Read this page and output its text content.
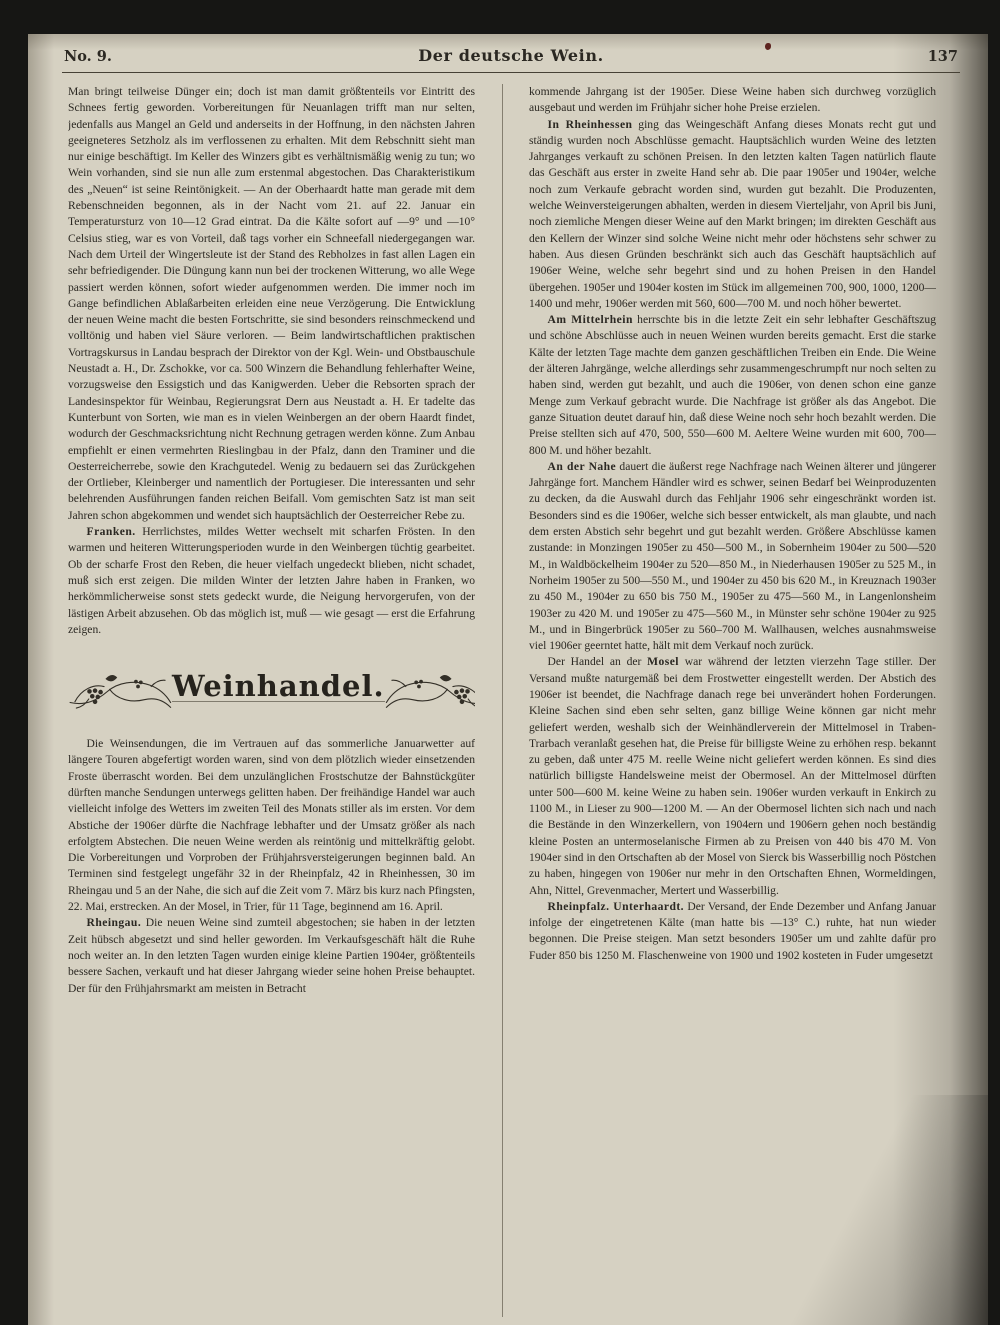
No. 9.	Der deutsche Wein.	137

Man bringt teilweise Dünger ein; doch ist man damit größtenteils vor Eintritt des Schnees fertig geworden. Vorbereitungen für Neuanlagen trifft man nur selten, jedenfalls aus Mangel an Geld und anderseits in der Hoffnung, in den nächsten Jahren geeigneteres Setzholz als im verflossenen zu erhalten. Mit dem Rebschnitt sieht man nur einige beschäftigt. Im Keller des Winzers gibt es verhältnismäßig wenig zu tun; wo Wein vorhanden, sind sie nun alle zum erstenmal abgestochen. Das Charakteristikum des „Neuen“ ist seine Reintönigkeit. — An der Oberhaardt hatte man gerade mit dem Rebenschneiden begonnen, als in der Nacht vom 21. auf 22. Januar ein Temperatursturz von 10—12 Grad eintrat. Da die Kälte sofort auf —9° und —10° Celsius stieg, war es von Vorteil, daß tags vorher ein Schneefall niedergegangen war. Nach dem Urteil der Wingertsleute ist der Stand des Rebholzes in fast allen Lagen ein sehr befriedigender. Die Düngung kann nun bei der trockenen Witterung, wo alle Wege passiert werden können, sofort wieder aufgenommen werden. Die immer noch im Gange befindlichen Ablaßarbeiten erleiden eine neue Verzögerung. Die Entwicklung der neuen Weine macht die besten Fortschritte, sie sind besonders reinschmeckend und volltönig und haben viel Säure verloren. — Beim landwirtschaftlichen praktischen Vortragskursus in Landau besprach der Direktor von der Kgl. Wein- und Obstbauschule Neustadt a. H., Dr. Zschokke, vor ca. 500 Winzern die Behandlung fehlerhafter Weine, vorzugsweise den Essigstich und das Kanigwerden. Ueber die Rebsorten sprach der Landesinspektor für Weinbau, Regierungsrat Dern aus Neustadt a. H. Er tadelte das Kunterbunt von Sorten, wie man es in vielen Weinbergen an der obern Haardt findet, wodurch der Geschmacksrichtung nicht Rechnung getragen werden könne. Zum Anbau empfiehlt er einen vermehrten Rieslingbau in der Pfalz, dann den Traminer und die Oesterreicherrebe, sowie den Krachgutedel. Wenig zu bedauern sei das Zurückgehen der Ortlieber, Kleinberger und namentlich der Portugieser. Die interessanten und sehr belehrenden Ausführungen fanden reichen Beifall. Vom gemischten Satz ist man seit Jahren schon abgekommen und wendet sich hauptsächlich der Oesterreicher Rebe zu.

Franken. Herrlichstes, mildes Wetter wechselt mit scharfen Frösten. In den warmen und heiteren Witterungsperioden wurde in den Weinbergen tüchtig gearbeitet. Ob der scharfe Frost den Reben, die heuer vielfach ungedeckt blieben, nicht schadet, muß sich erst zeigen. Die milden Winter der letzten Jahre haben in Franken, wo herkömmlicherweise sonst stets gedeckt wurde, die Neigung hervorgerufen, von der lästigen Arbeit abzusehen. Ob das möglich ist, muß — wie gesagt — erst die Erfahrung zeigen.

Weinhandel.

Die Weinsendungen, die im Vertrauen auf das sommerliche Januarwetter auf längere Touren abgefertigt worden waren, sind von dem plötzlich wieder einsetzenden Froste überrascht worden. Bei dem unzulänglichen Frostschutze der Bahnstückgüter dürften manche Sendungen unterwegs gelitten haben. Der freihändige Handel war auch vielleicht infolge des Wetters im zweiten Teil des Monats stiller als im ersten. Vor dem Abstiche der 1906er dürfte die Nachfrage lebhafter und der Umsatz größer als nach erfolgtem Abstechen. Die neuen Weine werden als reintönig und mittelkräftig gelobt. Die Vorbereitungen und Vorproben der Frühjahrsversteigerungen beginnen bald. An Terminen sind festgelegt ungefähr 32 in der Rheinpfalz, 42 in Rheinhessen, 30 im Rheingau und 5 an der Nahe, die sich auf die Zeit vom 7. März bis kurz nach Pfingsten, 22. Mai, erstrecken. An der Mosel, in Trier, für 11 Tage, beginnend am 16. April.

Rheingau. Die neuen Weine sind zumteil abgestochen; sie haben in der letzten Zeit hübsch abgesetzt und sind heller geworden. Im Verkaufsgeschäft hält die Ruhe noch weiter an. In den letzten Tagen wurden einige kleine Partien 1904er, größtenteils bessere Sachen, verkauft und hat dieser Jahrgang wieder seine hohen Preise behauptet. Der für den Frühjahrsmarkt am meisten in Betracht

kommende Jahrgang ist der 1905er. Diese Weine haben sich durchweg vorzüglich ausgebaut und werden im Frühjahr sicher hohe Preise erzielen.

In Rheinhessen ging das Weingeschäft Anfang dieses Monats recht gut und ständig wurden noch Abschlüsse gemacht. Hauptsächlich wurden Weine des letzten Jahrganges verkauft zu schönen Preisen. In den letzten kalten Tagen natürlich flaute das Geschäft aus erster in zweite Hand sehr ab. Die paar 1905er und 1904er, welche noch zum Verkaufe gebracht worden sind, wurden gut bezahlt. Die Produzenten, welche Weinversteigerungen abhalten, werden in diesem Vierteljahr, von April bis Juni, noch ziemliche Mengen dieser Weine auf den Markt bringen; im direkten Geschäft aus den Kellern der Winzer sind solche Weine nicht mehr oder höchstens sehr schwer zu haben. Aus diesen Gründen beschränkt sich auch das Geschäft hauptsächlich auf 1906er Weine, welche sehr begehrt sind und zu hohen Preisen in den Handel übergehen. 1905er und 1904er kosten im Stück im allgemeinen 700, 900, 1000, 1200—1400 und mehr, 1906er werden mit 560, 600—700 M. und noch höher bewertet.

Am Mittelrhein herrschte bis in die letzte Zeit ein sehr lebhafter Geschäftszug und schöne Abschlüsse auch in neuen Weinen wurden bereits gemacht. Erst die starke Kälte der letzten Tage machte dem ganzen geschäftlichen Treiben ein Ende. Die Weine der älteren Jahrgänge, welche allerdings sehr zusammengeschrumpft nur noch selten zu haben sind, werden gut bezahlt, und auch die 1906er, von denen schon eine ganze Menge zum Verkauf gebracht wurde. Die Nachfrage ist größer als das Angebot. Die ganze Situation deutet darauf hin, daß diese Weine noch sehr hoch bezahlt werden. Die Preise stellten sich auf 470, 500, 550—600 M. Aeltere Weine wurden mit 600, 700—800 M. und höher bezahlt.

An der Nahe dauert die äußerst rege Nachfrage nach Weinen älterer und jüngerer Jahrgänge fort. Manchem Händler wird es schwer, seinen Bedarf bei Weinproduzenten zu decken, da die Auswahl durch das Fehljahr 1906 sehr eingeschränkt worden ist. Besonders sind es die 1906er, welche sich besser entwickelt, als man glaubte, und nach dem ersten Abstich sehr begehrt und gut bezahlt werden. Größere Abschlüsse kamen zustande: in Monzingen 1905er zu 450—500 M., in Sobernheim 1904er zu 500—520 M., in Waldböckelheim 1904er zu 520—850 M., in Niederhausen 1905er zu 525 M., in Norheim 1905er zu 500—550 M., und 1904er zu 450 bis 620 M., in Kreuznach 1903er zu 450 M., 1904er zu 650 bis 750 M., 1905er zu 475—560 M., in Langenlonsheim 1903er zu 420 M. und 1905er zu 475—560 M., in Münster sehr schöne 1904er zu 925 M., und in Bingerbrück 1905er zu 560–700 M. Wallhausen, welches ausnahmsweise viel 1906er geerntet hatte, hält mit dem Verkauf noch zurück.

Der Handel an der Mosel war während der letzten vierzehn Tage stiller. Der Versand mußte naturgemäß bei dem Frostwetter eingestellt werden. Der Abstich des 1906er ist beendet, die Nachfrage danach rege bei unverändert hohen Forderungen. Kleine Sachen sind eben sehr selten, ganz billige Weine können gar nicht mehr geliefert werden, weshalb sich der Weinhändlerverein der Mittelmosel in Traben-Trarbach veranlaßt gesehen hat, die Preise für billigste Weine zu erhöhen resp. bekannt zu geben, daß unter 475 M. reelle Weine nicht geliefert werden können. Es sind dies natürlich billigste Handelsweine meist der Obermosel. An der Mittelmosel dürften unter 500—600 M. keine Weine zu haben sein. 1906er wurden verkauft in Enkirch zu 1100 M., in Lieser zu 900—1200 M. — An der Obermosel lichten sich nach und nach die Bestände in den Winzerkellern, von 1904ern und 1906ern gehen noch beständig kleine Posten an untermoselanische Firmen ab zu Preisen von 440 bis 470 M. Von 1904er sind in den Ortschaften ab der Mosel von Sierck bis Wasserbillig noch Pöstchen zu haben, hingegen von 1906er nur mehr in den Ortschaften Ehnen, Wormeldingen, Ahn, Nittel, Grevenmacher, Mertert und Wasserbillig.

Rheinpfalz. Unterhaardt. Der Versand, der Ende Dezember und Anfang Januar infolge der eingetretenen Kälte (man hatte bis —13° C.) ruhte, hat nun wieder begonnen. Die Preise steigen. Man setzt besonders 1905er um und zahlte dafür pro Fuder 850 bis 1250 M. Flaschenweine von 1900 und 1902 kosteten in Fuder umgesetzt
